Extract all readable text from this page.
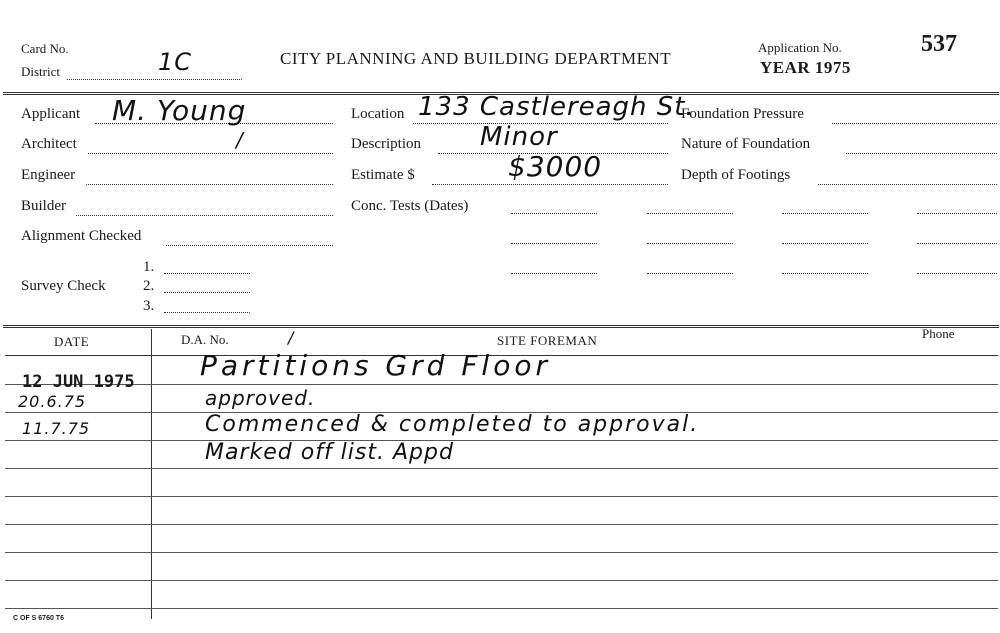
Card No.
District	1C	CITY PLANNING AND BUILDING DEPARTMENT
Application No.
YEAR 1975
537
Applicant M. Young
Architect	/
Engineer
Builder
Alignment Checked
Survey Check
1.
2.
3.
Location 133 Castlereagh St.
Description Minor
Estimate $	$3000
Conc. Tests (Dates)
Foundation Pressure
Nature of Foundation
Depth of Footings
DATE	D.A. No.	/	SITE FOREMAN	Phone
12 JUN 1975 Partitions Grd Floor
20.6.75	approved.
11.7.75	Commenced & completed to approval.
Marked off list. Appd
C OF S 6760 T6
